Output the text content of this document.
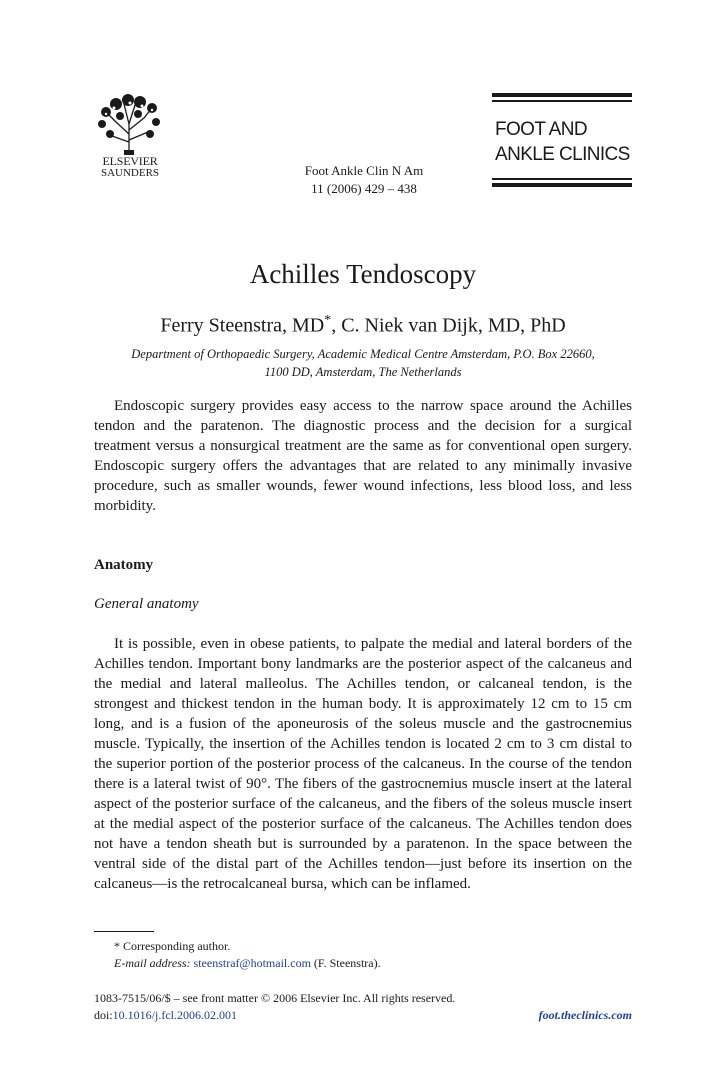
ELSEVIER
SAUNDERS	Foot Ankle Clin N Am
11 (2006) 429 – 438
FOOT AND
ANKLE CLINICS
Achilles Tendoscopy
Ferry Steenstra, MD*, C. Niek van Dijk, MD, PhD
Department of Orthopaedic Surgery, Academic Medical Centre Amsterdam, P.O. Box 22660,
1100 DD, Amsterdam, The Netherlands

Endoscopic surgery provides easy access to the narrow space around the Achilles tendon and the paratenon. The diagnostic process and the decision for a surgical treatment versus a nonsurgical treatment are the same as for conventional open surgery. Endoscopic surgery offers the advantages that are related to any minimally invasive procedure, such as smaller wounds, fewer wound infections, less blood loss, and less morbidity.

Anatomy
General anatomy

It is possible, even in obese patients, to palpate the medial and lateral borders of the Achilles tendon. Important bony landmarks are the posterior aspect of the calcaneus and the medial and lateral malleolus. The Achilles tendon, or calcaneal tendon, is the strongest and thickest tendon in the human body. It is approximately 12 cm to 15 cm long, and is a fusion of the aponeurosis of the soleus muscle and the gastrocnemius muscle. Typically, the insertion of the Achilles tendon is located 2 cm to 3 cm distal to the superior portion of the posterior process of the calcaneus. In the course of the tendon there is a lateral twist of 90°. The fibers of the gastrocnemius muscle insert at the lateral aspect of the posterior surface of the calcaneus, and the fibers of the soleus muscle insert at the medial aspect of the posterior surface of the calcaneus. The Achilles tendon does not have a tendon sheath but is surrounded by a paratenon. In the space between the ventral side of the distal part of the Achilles tendon—just before its insertion on the calcaneus—is the retrocalcaneal bursa, which can be inflamed.

* Corresponding author.
E-mail address: steenstraf@hotmail.com (F. Steenstra).
1083-7515/06/$ – see front matter © 2006 Elsevier Inc. All rights reserved.
doi:10.1016/j.fcl.2006.02.001	foot.theclinics.com
